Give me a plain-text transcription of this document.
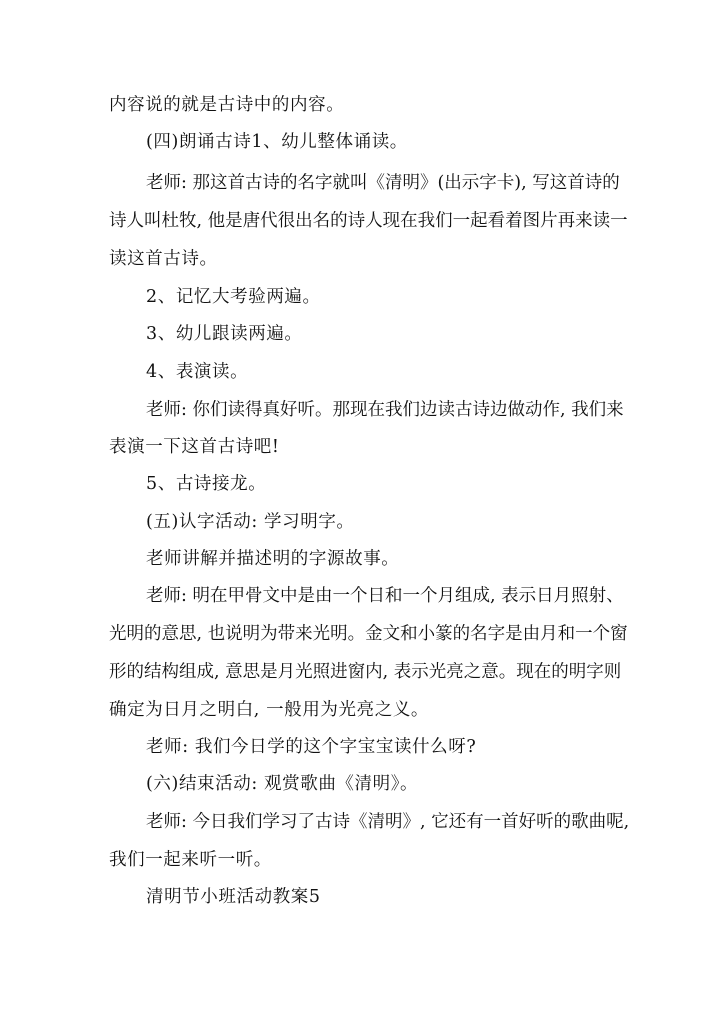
内容说的就是古诗中的内容。
(四)朗诵古诗1、幼儿整体诵读。
老师: 那这首古诗的名字就叫《清明》(出示字卡), 写这首诗的
诗人叫杜牧, 他是唐代很出名的诗人现在我们一起看着图片再来读一
读这首古诗。
2、记忆大考验两遍。
3、幼儿跟读两遍。
4、表演读。
老师: 你们读得真好听。那现在我们边读古诗边做动作, 我们来
表演一下这首古诗吧!
5、古诗接龙。
(五)认字活动: 学习明字。
老师讲解并描述明的字源故事。
老师: 明在甲骨文中是由一个日和一个月组成, 表示日月照射、
光明的意思, 也说明为带来光明。金文和小篆的名字是由月和一个窗
形的结构组成, 意思是月光照进窗内, 表示光亮之意。现在的明字则
确定为日月之明白, 一般用为光亮之义。
老师: 我们今日学的这个字宝宝读什么呀?
(六)结束活动: 观赏歌曲《清明》。
老师: 今日我们学习了古诗《清明》, 它还有一首好听的歌曲呢,
我们一起来听一听。
清明节小班活动教案5
